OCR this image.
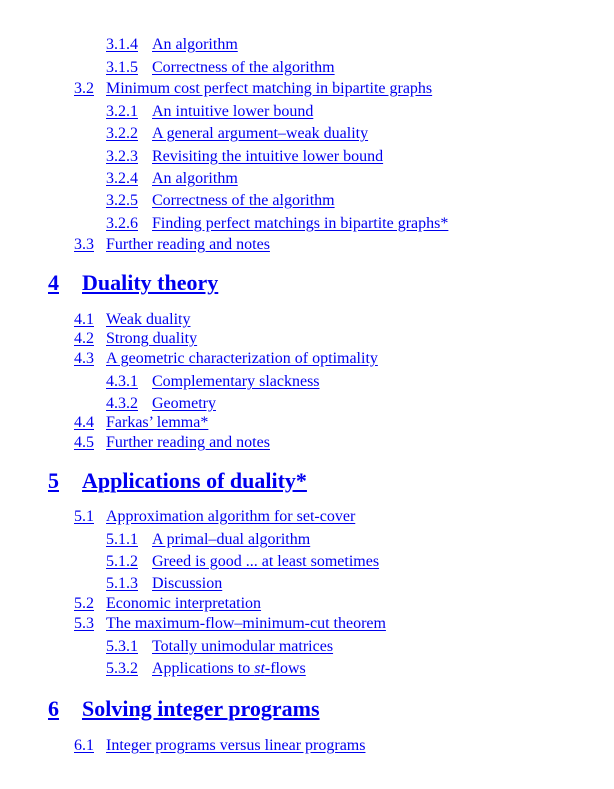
3.1.4 An algorithm
3.1.5 Correctness of the algorithm
3.2 Minimum cost perfect matching in bipartite graphs
3.2.1 An intuitive lower bound
3.2.2 A general argument–weak duality
3.2.3 Revisiting the intuitive lower bound
3.2.4 An algorithm
3.2.5 Correctness of the algorithm
3.2.6 Finding perfect matchings in bipartite graphs*
3.3 Further reading and notes
4 Duality theory
4.1 Weak duality
4.2 Strong duality
4.3 A geometric characterization of optimality
4.3.1 Complementary slackness
4.3.2 Geometry
4.4 Farkas’ lemma*
4.5 Further reading and notes
5 Applications of duality*
5.1 Approximation algorithm for set-cover
5.1.1 A primal–dual algorithm
5.1.2 Greed is good ... at least sometimes
5.1.3 Discussion
5.2 Economic interpretation
5.3 The maximum-flow–minimum-cut theorem
5.3.1 Totally unimodular matrices
5.3.2 Applications to st-flows
6 Solving integer programs
6.1 Integer programs versus linear programs
